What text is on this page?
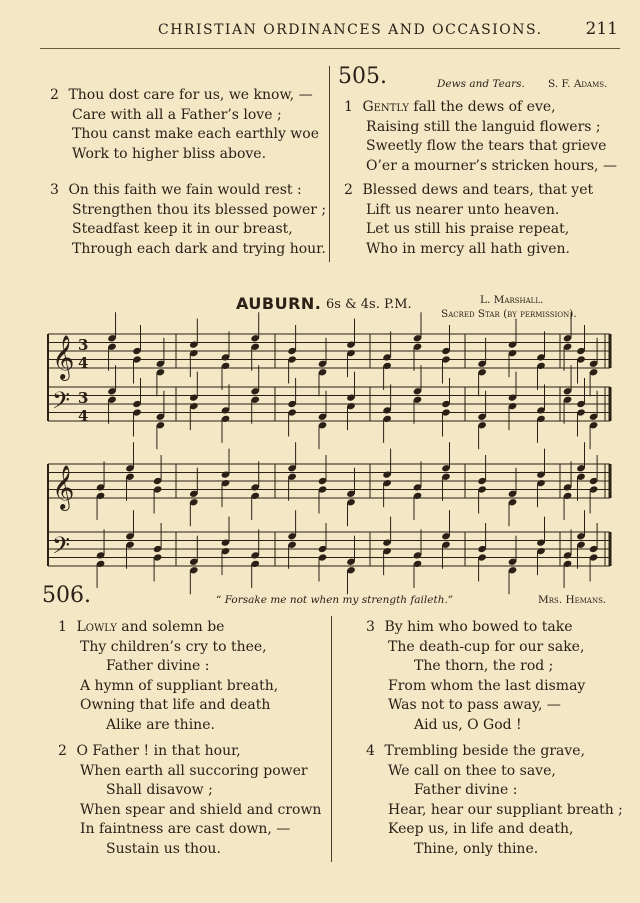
CHRISTIAN ORDINANCES AND OCCASIONS.	211
2 Thou dost care for us, we know, —
Care with all a Father’s love ;
Thou canst make each earthly woe
Work to higher bliss above.
3 On this faith we fain would rest :
Strengthen thou its blessed power ;
Steadfast keep it in our breast,
Through each dark and trying hour.
505.	Dews and Tears. S. F. Adams.
1 Gently fall the dews of eve,
Raising still the languid flowers ;
Sweetly flow the tears that grieve
O’er a mourner’s stricken hours, —
2 Blessed dews and tears, that yet
Lift us nearer unto heaven.
Let us still his praise repeat,
Who in mercy all hath given.
AUBURN. 6s & 4s. P.M.	L. Marshall.
Sacred Star (by permission).
𝄞 3
4
𝄢 3
4
𝄞
𝄢
506.	“ Forsake me not when my strength faileth.”	Mrs. Hemans.
1 Lowly and solemn be
Thy children’s cry to thee,
Father divine :
A hymn of suppliant breath,
Owning that life and death
Alike are thine.
2 O Father ! in that hour,
When earth all succoring power
Shall disavow ;
When spear and shield and crown
In faintness are cast down, —
Sustain us thou.
3 By him who bowed to take
The death-cup for our sake,
The thorn, the rod ;
From whom the last dismay
Was not to pass away, —
Aid us, O God !
4 Trembling beside the grave,
We call on thee to save,
Father divine :
Hear, hear our suppliant breath ;
Keep us, in life and death,
Thine, only thine.
